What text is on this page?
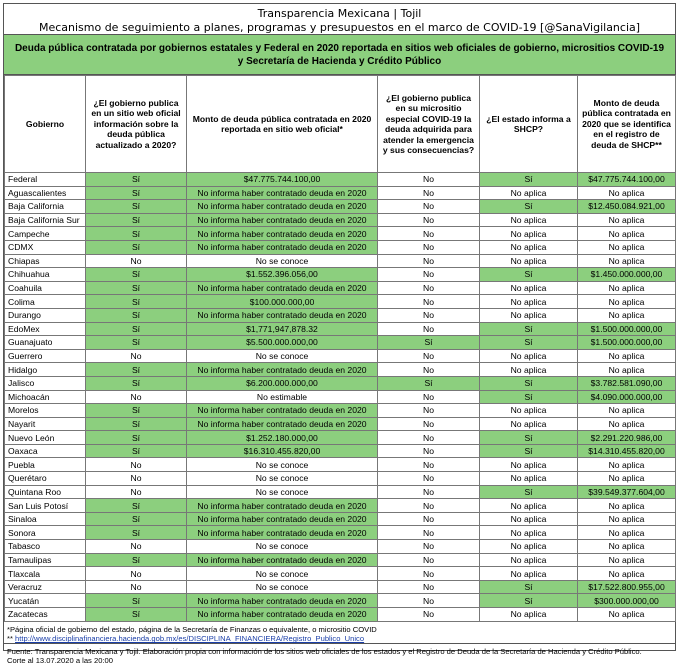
Transparencia Mexicana | Tojil
Mecanismo de seguimiento a planes, programas y presupuestos en el marco de COVID-19 [@SanaVigilancia]
Deuda pública contratada por gobiernos estatales y Federal en 2020 reportada en sitios web oficiales de gobierno, micrositios COVID-19 y Secretaría de Hacienda y Crédito Público
Gobierno	¿El gobierno publica en un sitio web oficial información sobre la deuda pública actualizado a 2020?	Monto de deuda pública contratada en 2020 reportada en sitio web oficial*	¿El gobierno publica en su micrositio especial COVID-19 la deuda adquirida para atender la emergencia y sus consecuencias?	¿El estado informa a SHCP?	Monto de deuda pública contratada en 2020 que se identifica en el registro de deuda de SHCP**
Federal	Sí	$47.775.744.100,00	No	Sí	$47.775.744.100,00
Aguascalientes	Sí	No informa haber contratado deuda en 2020	No	No aplica	No aplica
Baja California	Sí	No informa haber contratado deuda en 2020	No	Sí	$12.450.084.921,00
Baja California Sur	Sí	No informa haber contratado deuda en 2020	No	No aplica	No aplica
Campeche	Sí	No informa haber contratado deuda en 2020	No	No aplica	No aplica
CDMX	Sí	No informa haber contratado deuda en 2020	No	No aplica	No aplica
Chiapas	No	No se conoce	No	No aplica	No aplica
Chihuahua	Sí	$1.552.396.056,00	No	Sí	$1.450.000.000,00
Coahuila	Sí	No informa haber contratado deuda en 2020	No	No aplica	No aplica
Colima	Sí	$100.000.000,00	No	No aplica	No aplica
Durango	Sí	No informa haber contratado deuda en 2020	No	No aplica	No aplica
EdoMex	Sí	$1,771,947,878.32	No	Sí	$1.500.000.000,00
Guanajuato	Sí	$5.500.000.000,00	Sí	Sí	$1.500.000.000,00
Guerrero	No	No se conoce	No	No aplica	No aplica
Hidalgo	Sí	No informa haber contratado deuda en 2020	No	No aplica	No aplica
Jalisco	Sí	$6.200.000.000,00	Sí	Sí	$3.782.581.090,00
Michoacán	No	No estimable	No	Sí	$4.090.000.000,00
Morelos	Sí	No informa haber contratado deuda en 2020	No	No aplica	No aplica
Nayarit	Sí	No informa haber contratado deuda en 2020	No	No aplica	No aplica
Nuevo León	Sí	$1.252.180.000,00	No	Sí	$2.291.220.986,00
Oaxaca	Sí	$16.310.455.820,00	No	Sí	$14.310.455.820,00
Puebla	No	No se conoce	No	No aplica	No aplica
Querétaro	No	No se conoce	No	No aplica	No aplica
Quintana Roo	No	No se conoce	No	Sí	$39.549.377.604,00
San Luis Potosí	Sí	No informa haber contratado deuda en 2020	No	No aplica	No aplica
Sinaloa	Sí	No informa haber contratado deuda en 2020	No	No aplica	No aplica
Sonora	Sí	No informa haber contratado deuda en 2020	No	No aplica	No aplica
Tabasco	No	No se conoce	No	No aplica	No aplica
Tamaulipas	Sí	No informa haber contratado deuda en 2020	No	No aplica	No aplica
Tlaxcala	No	No se conoce	No	No aplica	No aplica
Veracruz	No	No se conoce	No	Sí	$17.522.800.955,00
Yucatán	Sí	No informa haber contratado deuda en 2020	No	Sí	$300.000.000,00
Zacatecas	Sí	No informa haber contratado deuda en 2020	No	No aplica	No aplica
*Página oficial de gobierno del estado, página de la Secretaría de Finanzas o equivalente, o micrositio COVID
** http://www.disciplinafinanciera.hacienda.gob.mx/es/DISCIPLINA_FINANCIERA/Registro_Publico_Unico
Fuente: Transparencia Mexicana y Tojil. Elaboración propia con información de los sitios web oficiales de los estados y el Registro de Deuda de la Secretaría de Hacienda y Crédito Público.
Corte al 13.07.2020 a las 20:00
